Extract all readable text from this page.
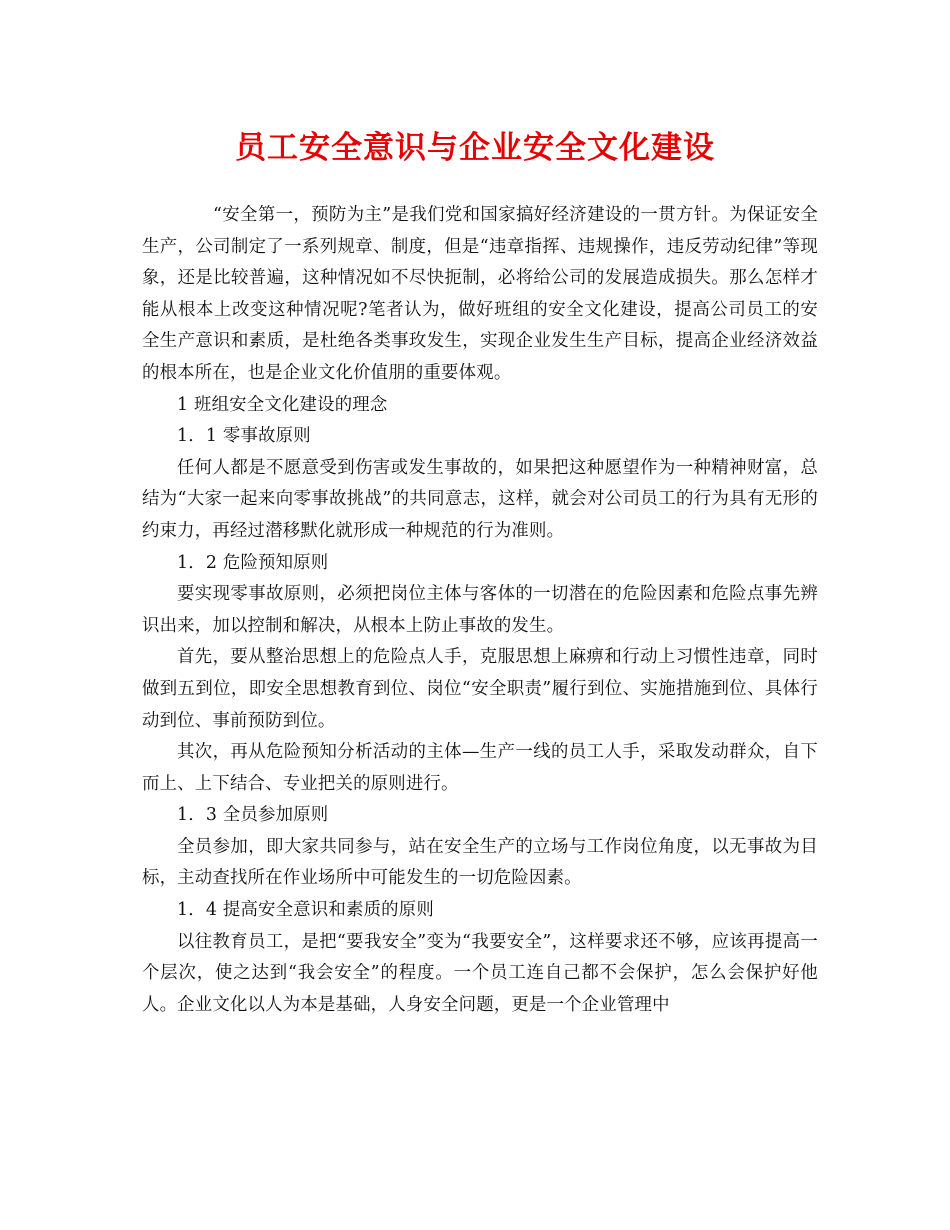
员工安全意识与企业安全文化建设

“安全第一，预防为主”是我们党和国家搞好经济建设的一贯方针。为保证安全生产，公司制定了一系列规章、制度，但是“违章指挥、违规操作，违反劳动纪律”等现象，还是比较普遍，这种情况如不尽快扼制，必将给公司的发展造成损失。那么怎样才能从根本上改变这种情况呢?笔者认为，做好班组的安全文化建设，提高公司员工的安全生产意识和素质，是杜绝各类事玫发生，实现企业发生生产目标，提高企业经济效益的根本所在，也是企业文化价值朋的重要体观。

1 班组安全文化建设的理念

1．1 零事故原则

任何人都是不愿意受到伤害或发生事故的，如果把这种愿望作为一种精神财富，总结为“大家一起来向零事故挑战”的共同意志，这样，就会对公司员工的行为具有无形的约束力，再经过潜移默化就形成一种规范的行为准则。

1．2 危险预知原则

要实现零事故原则，必须把岗位主体与客体的一切潜在的危险因素和危险点事先辨识出来，加以控制和解决，从根本上防止事故的发生。

首先，要从整治思想上的危险点人手，克服思想上麻痹和行动上习惯性违章，同时做到五到位，即安全思想教育到位、岗位“安全职责”履行到位、实施措施到位、具体行动到位、事前预防到位。

其次，再从危险预知分析活动的主体—生产一线的员工人手，采取发动群众，自下而上、上下结合、专业把关的原则进行。

1．3 全员参加原则

全员参加，即大家共同参与，站在安全生产的立场与工作岗位角度，以无事故为目标，主动查找所在作业场所中可能发生的一切危险因素。

1．4 提高安全意识和素质的原则

以往教育员工，是把“要我安全”变为“我要安全”，这样要求还不够，应该再提高一个层次，使之达到“我会安全”的程度。一个员工连自己都不会保护，怎么会保护好他人。企业文化以人为本是基础，人身安全问题，更是一个企业管理中
